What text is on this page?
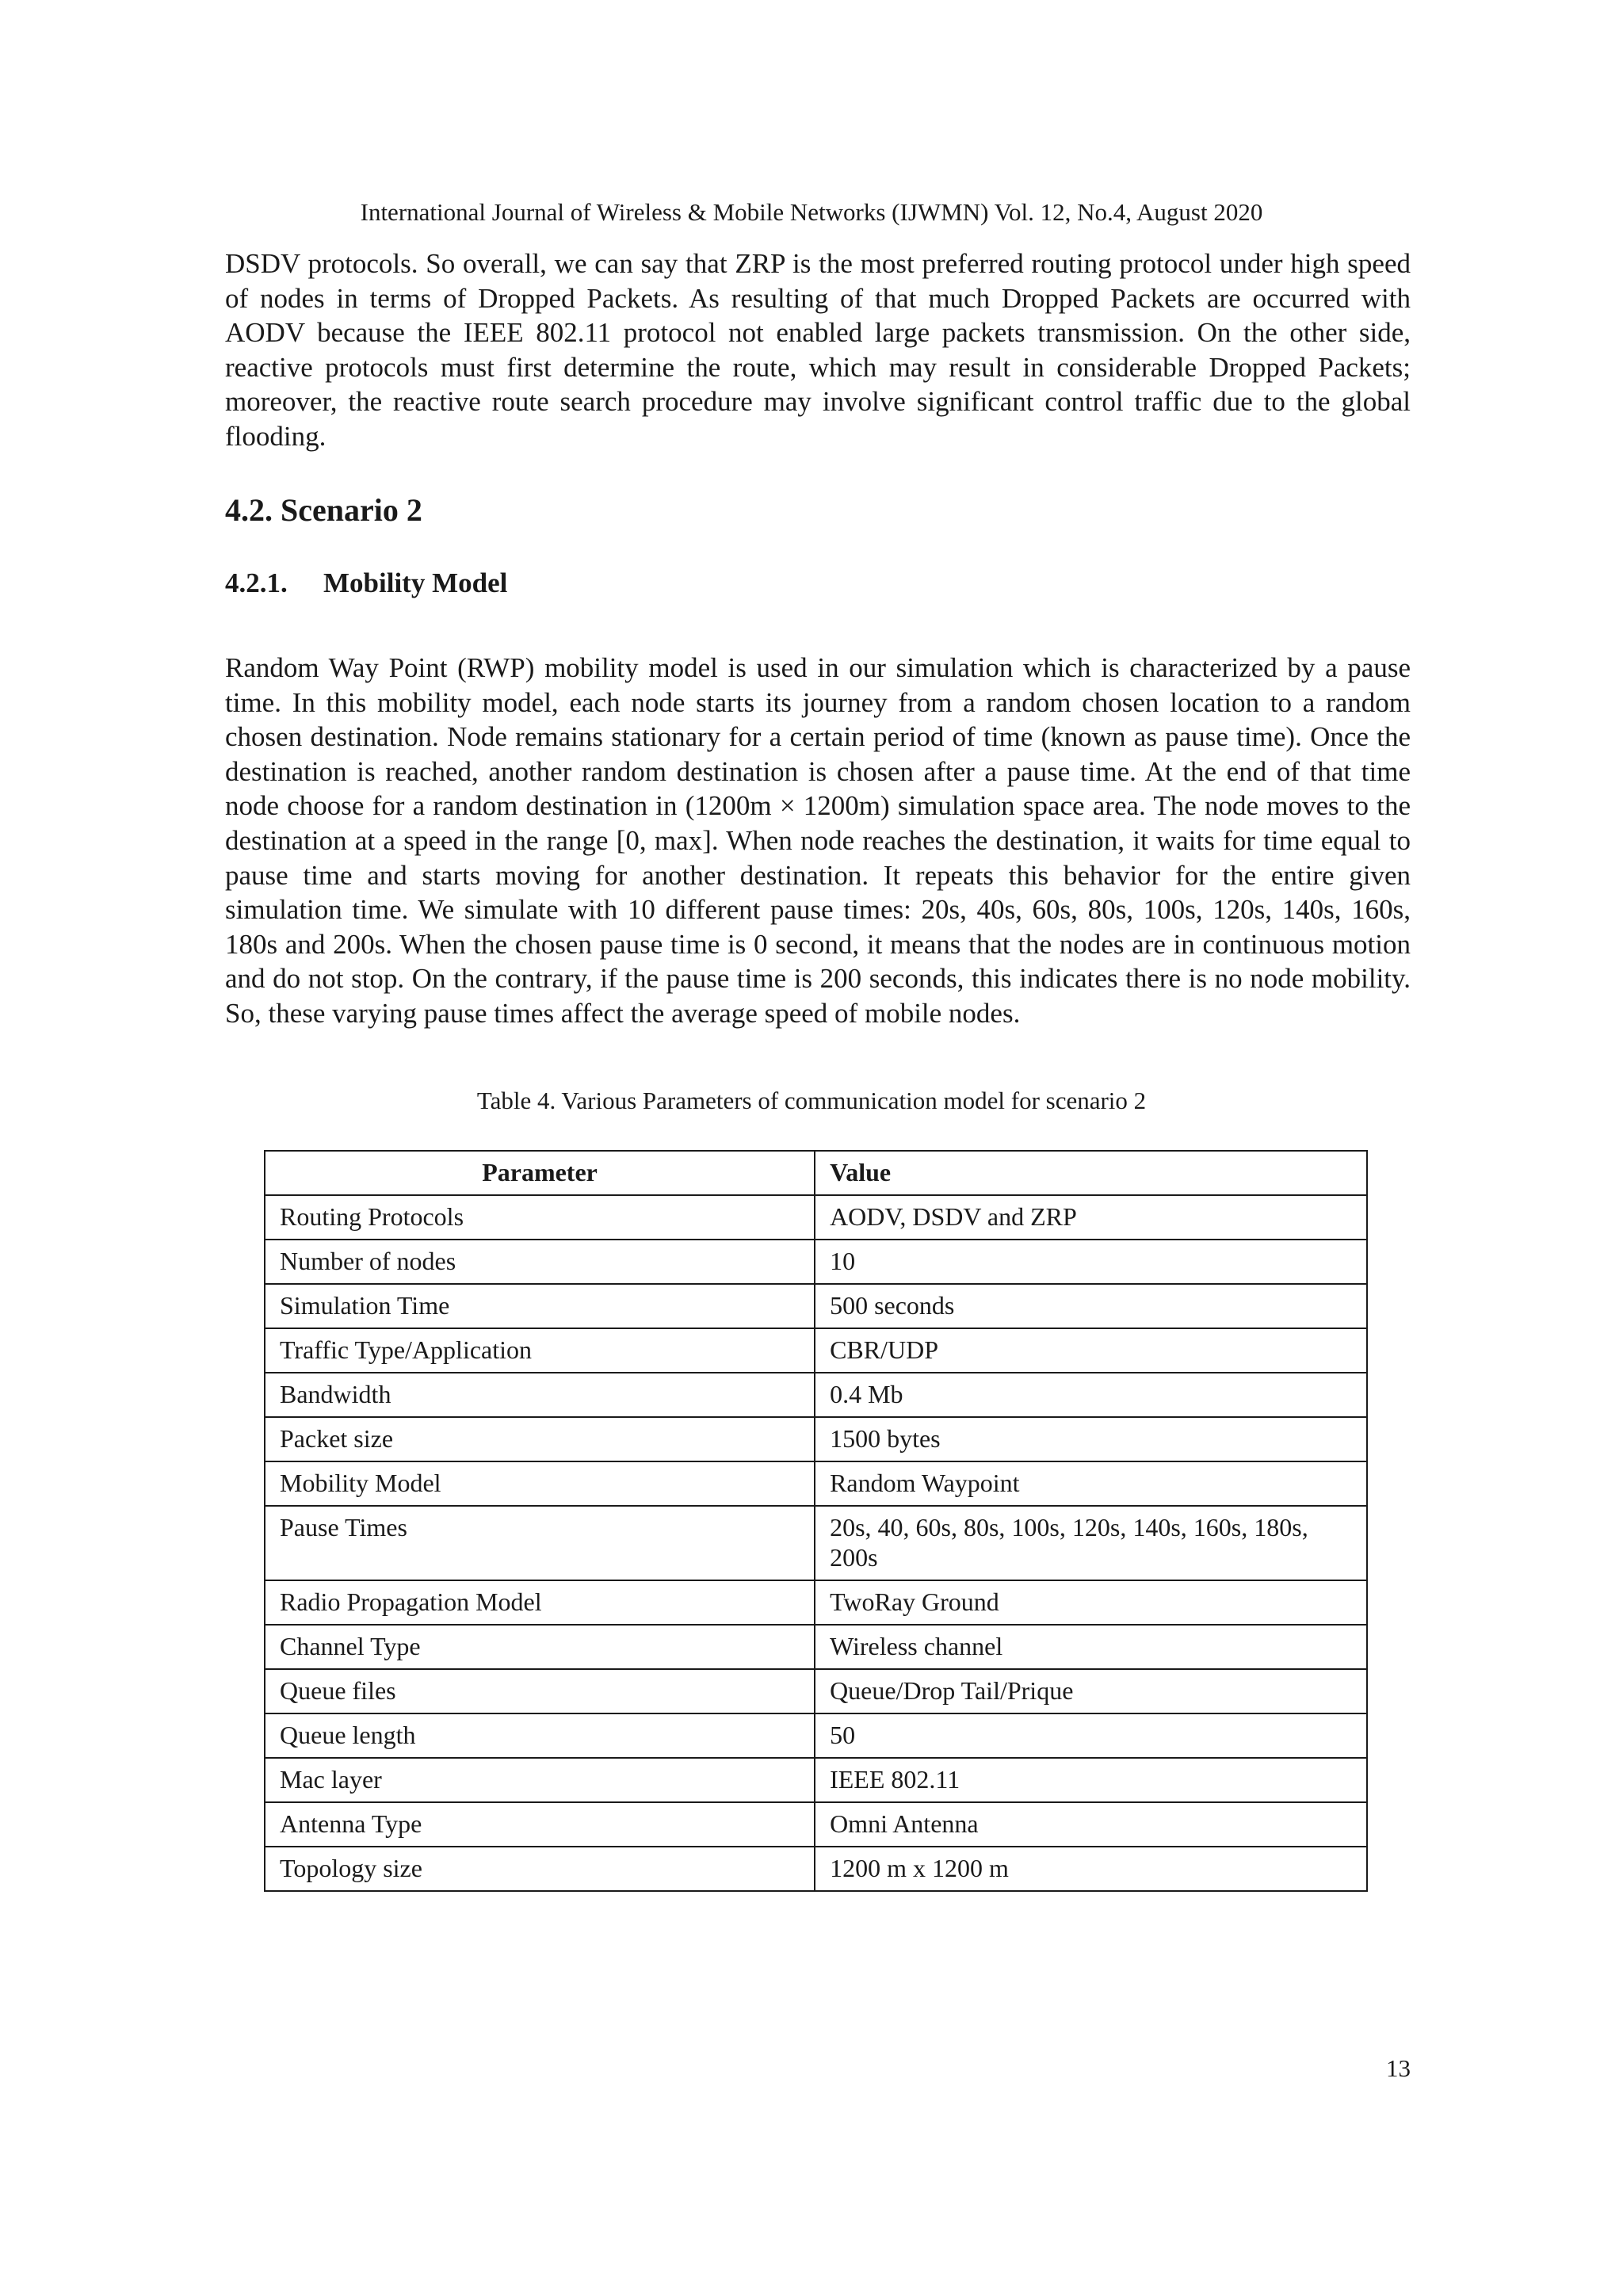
International Journal of Wireless & Mobile Networks (IJWMN) Vol. 12, No.4, August 2020

DSDV protocols. So overall, we can say that ZRP is the most preferred routing protocol under high speed of nodes in terms of Dropped Packets. As resulting of that much Dropped Packets are occurred with AODV because the IEEE 802.11 protocol not enabled large packets transmission. On the other side, reactive protocols must first determine the route, which may result in considerable Dropped Packets; moreover, the reactive route search procedure may involve significant control traffic due to the global flooding.

4.2. Scenario 2
4.2.1. Mobility Model

Random Way Point (RWP) mobility model is used in our simulation which is characterized by a pause time. In this mobility model, each node starts its journey from a random chosen location to a random chosen destination. Node remains stationary for a certain period of time (known as pause time). Once the destination is reached, another random destination is chosen after a pause time. At the end of that time node choose for a random destination in (1200m × 1200m) simulation space area. The node moves to the destination at a speed in the range [0, max]. When node reaches the destination, it waits for time equal to pause time and starts moving for another destination. It repeats this behavior for the entire given simulation time. We simulate with 10 different pause times: 20s, 40s, 60s, 80s, 100s, 120s, 140s, 160s, 180s and 200s. When the chosen pause time is 0 second, it means that the nodes are in continuous motion and do not stop. On the contrary, if the pause time is 200 seconds, this indicates there is no node mobility. So, these varying pause times affect the average speed of mobile nodes.

Table 4. Various Parameters of communication model for scenario 2

Parameter	Value
Routing Protocols	AODV, DSDV and ZRP
Number of nodes	10
Simulation Time	500 seconds
Traffic Type/Application	CBR/UDP
Bandwidth	0.4 Mb
Packet size	1500 bytes
Mobility Model	Random Waypoint
Pause Times	20s, 40, 60s, 80s, 100s, 120s, 140s, 160s, 180s, 200s
Radio Propagation Model	TwoRay Ground
Channel Type	Wireless channel
Queue files	Queue/Drop Tail/Prique
Queue length	50
Mac layer	IEEE 802.11
Antenna Type	Omni Antenna
Topology size	1200 m x 1200 m
13
